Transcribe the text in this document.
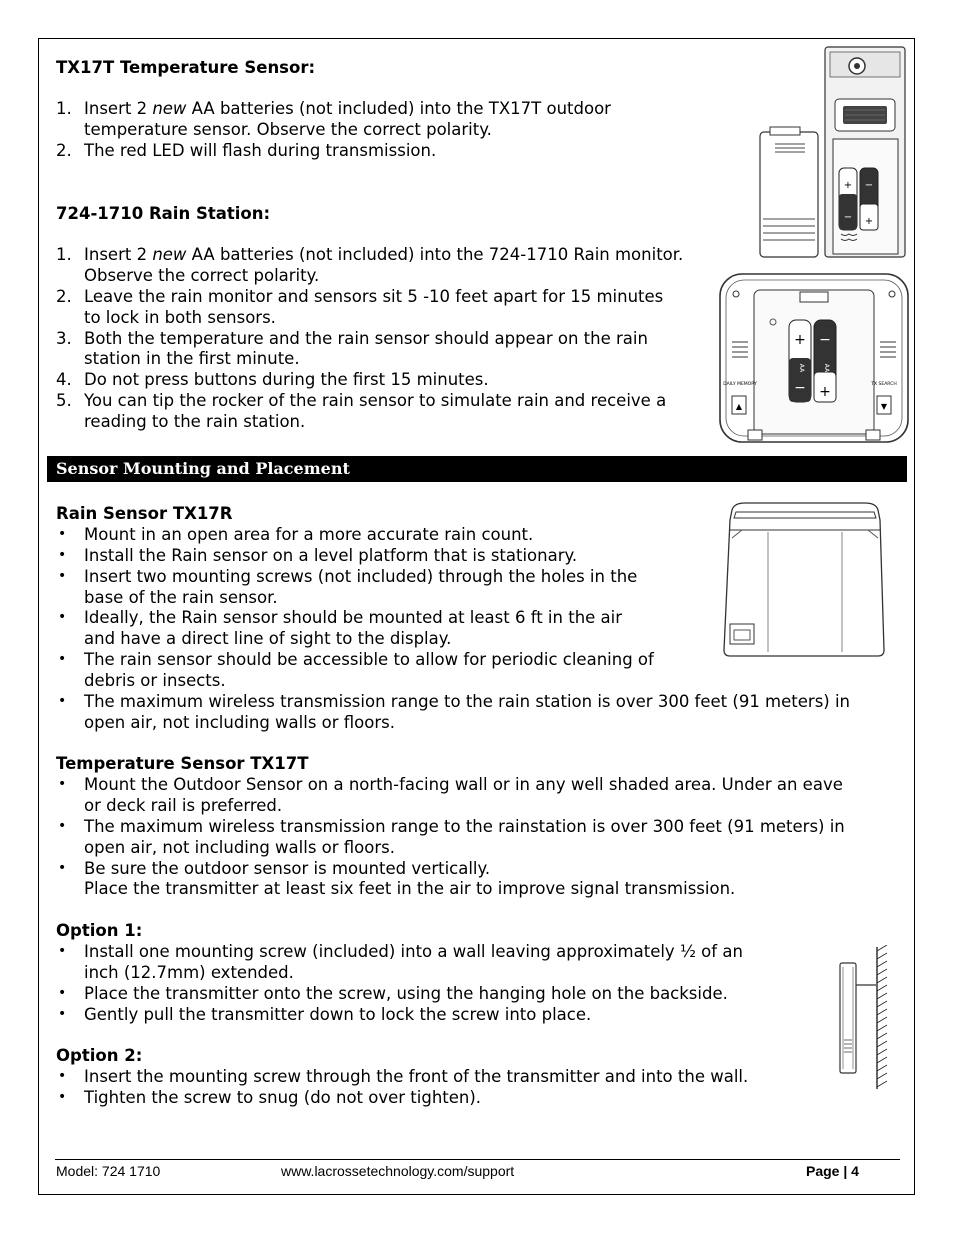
TX17T Temperature Sensor:
1. Insert 2 new AA batteries (not included) into the TX17T outdoor
temperature sensor. Observe the correct polarity.
2. The red LED will flash during transmission.
724-1710 Rain Station:
1. Insert 2 new AA batteries (not included) into the 724-1710 Rain monitor.
Observe the correct polarity.
2. Leave the rain monitor and sensors sit 5 -10 feet apart for 15 minutes
to lock in both sensors.
3. Both the temperature and the rain sensor should appear on the rain
station in the first minute.
4. Do not press buttons during the first 15 minutes.
5. You can tip the rocker of the rain sensor to simulate rain and receive a
reading to the rain station.
Sensor Mounting and Placement
Rain Sensor TX17R
• Mount in an open area for a more accurate rain count.
• Install the Rain sensor on a level platform that is stationary.
• Insert two mounting screws (not included) through the holes in the
base of the rain sensor.
• Ideally, the Rain sensor should be mounted at least 6 ft in the air
and have a direct line of sight to the display.
• The rain sensor should be accessible to allow for periodic cleaning of
debris or insects.
• The maximum wireless transmission range to the rain station is over 300 feet (91 meters) in
open air, not including walls or floors.
Temperature Sensor TX17T
• Mount the Outdoor Sensor on a north-facing wall or in any well shaded area. Under an eave
or deck rail is preferred.
• The maximum wireless transmission range to the rainstation is over 300 feet (91 meters) in
open air, not including walls or floors.
• Be sure the outdoor sensor is mounted vertically.
Place the transmitter at least six feet in the air to improve signal transmission.
Option 1:
• Install one mounting screw (included) into a wall leaving approximately ½ of an
inch (12.7mm) extended.
• Place the transmitter onto the screw, using the hanging hole on the backside.
• Gently pull the transmitter down to lock the screw into place.
Option 2:
• Insert the mounting screw through the front of the transmitter and into the wall.
• Tighten the screw to snug (do not over tighten).
Model: 724 1710	www.lacrossetechnology.com/support	Page | 4
+
−
−
+
+
−
−
+
AA	AA
DAILY MEMORY
▲
TX SEARCH
▼
